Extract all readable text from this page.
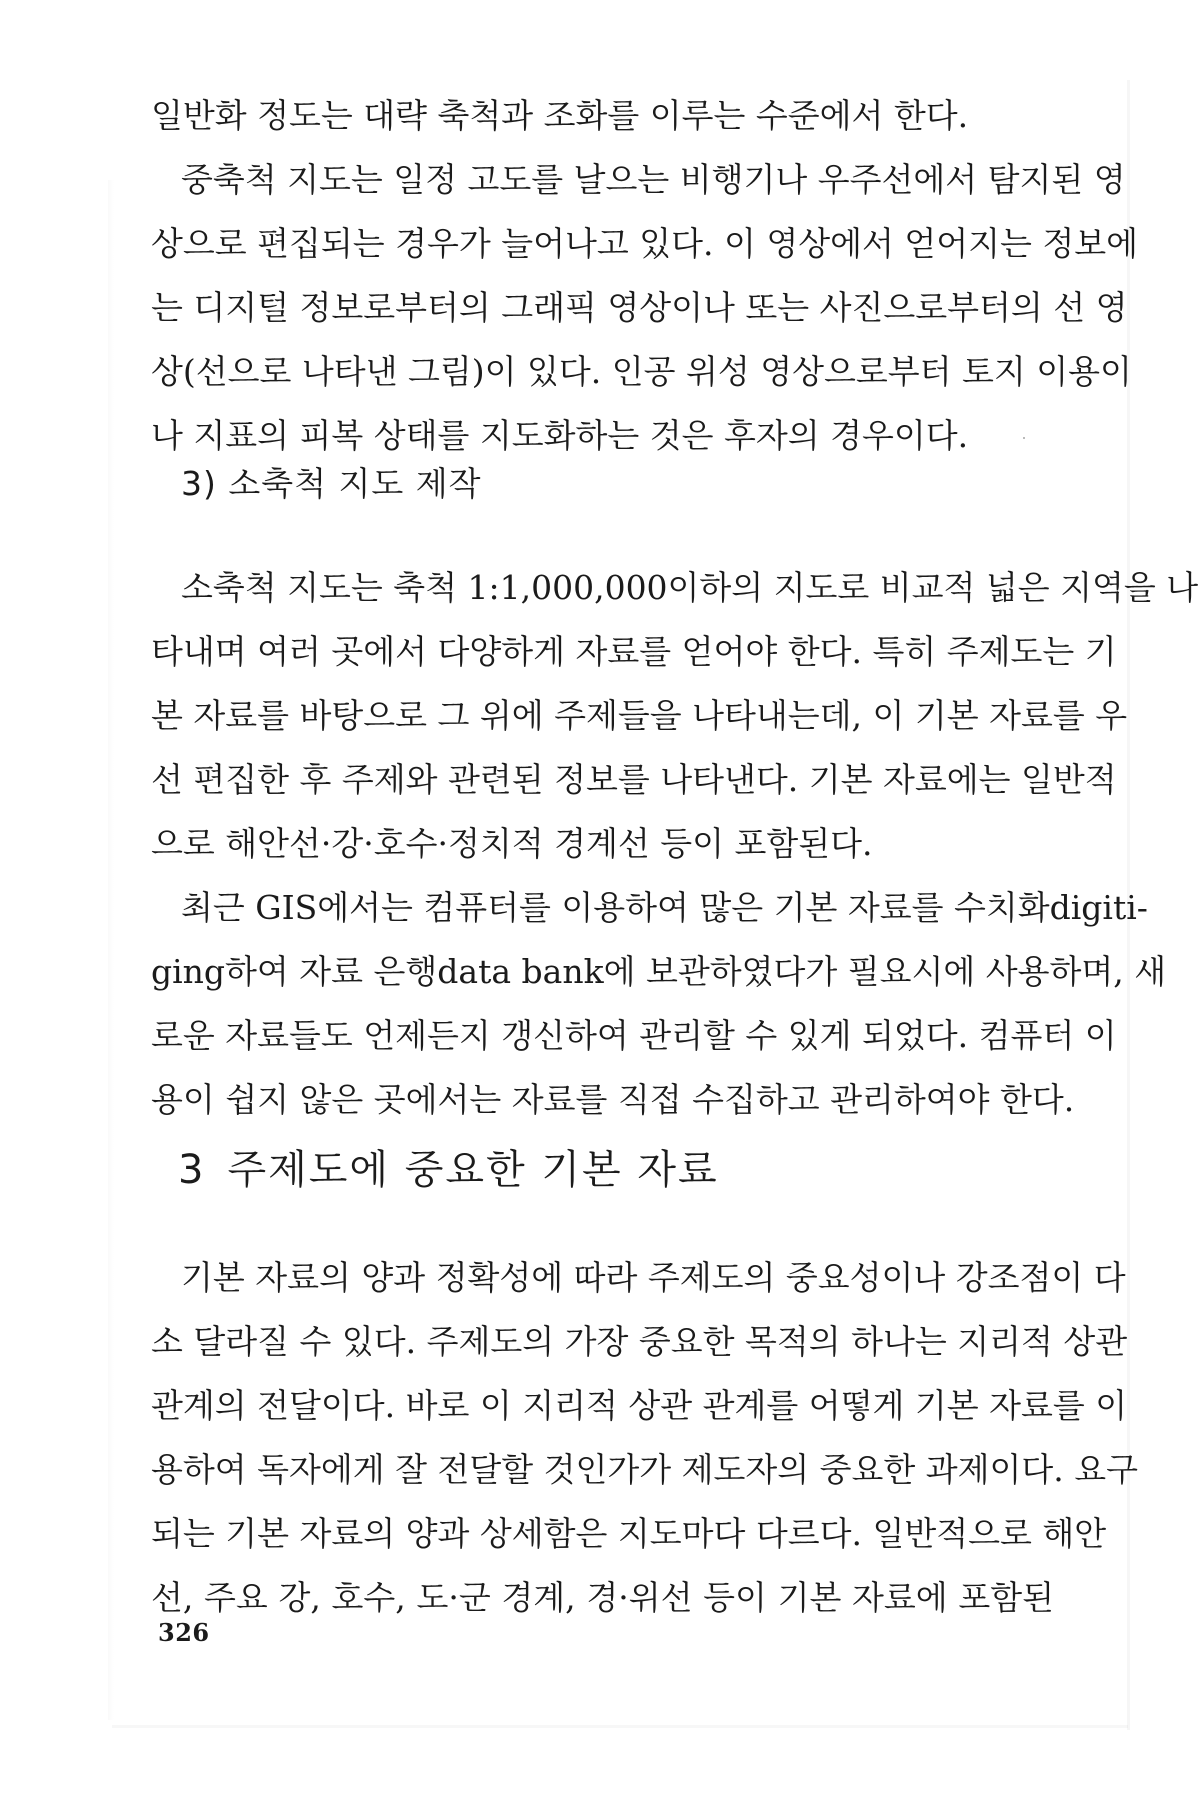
일반화 정도는 대략 축척과 조화를 이루는 수준에서 한다.
중축척 지도는 일정 고도를 날으는 비행기나 우주선에서 탐지된 영
상으로 편집되는 경우가 늘어나고 있다. 이 영상에서 얻어지는 정보에
는 디지털 정보로부터의 그래픽 영상이나 또는 사진으로부터의 선 영
상(선으로 나타낸 그림)이 있다. 인공 위성 영상으로부터 토지 이용이
나 지표의 피복 상태를 지도화하는 것은 후자의 경우이다.
3) 소축척 지도 제작
소축척 지도는 축척 1:1,000,000이하의 지도로 비교적 넓은 지역을 나
타내며 여러 곳에서 다양하게 자료를 얻어야 한다. 특히 주제도는 기
본 자료를 바탕으로 그 위에 주제들을 나타내는데, 이 기본 자료를 우
선 편집한 후 주제와 관련된 정보를 나타낸다. 기본 자료에는 일반적
으로 해안선·강·호수·정치적 경계선 등이 포함된다.
최근 GIS에서는 컴퓨터를 이용하여 많은 기본 자료를 수치화digiti-
ging하여 자료 은행data bank에 보관하였다가 필요시에 사용하며, 새
로운 자료들도 언제든지 갱신하여 관리할 수 있게 되었다. 컴퓨터 이
용이 쉽지 않은 곳에서는 자료를 직접 수집하고 관리하여야 한다.
3 주제도에 중요한 기본 자료
기본 자료의 양과 정확성에 따라 주제도의 중요성이나 강조점이 다
소 달라질 수 있다. 주제도의 가장 중요한 목적의 하나는 지리적 상관
관계의 전달이다. 바로 이 지리적 상관 관계를 어떻게 기본 자료를 이
용하여 독자에게 잘 전달할 것인가가 제도자의 중요한 과제이다. 요구
되는 기본 자료의 양과 상세함은 지도마다 다르다. 일반적으로 해안
선, 주요 강, 호수, 도·군 경계, 경·위선 등이 기본 자료에 포함된
326
